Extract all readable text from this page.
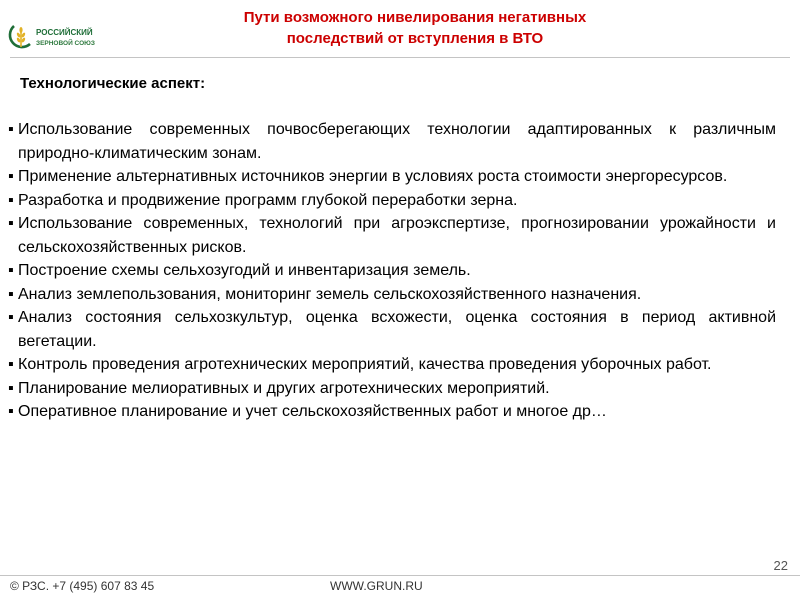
РОССИЙСКИЙ
ЗЕРНОВОЙ СОЮЗ
Пути возможного нивелирования негативных
последствий от вступления в ВТО
Технологические аспект:
▪ Использование современных почвосберегающих технологии адаптированных к различным природно-климатическим зонам.
▪ Применение альтернативных источников энергии в условиях роста стоимости энергоресурсов.
▪ Разработка и продвижение программ глубокой переработки зерна.
▪ Использование современных, технологий при агроэкспертизе, прогнозировании урожайности и сельскохозяйственных рисков.
▪ Построение схемы сельхозугодий и инвентаризация земель.
▪ Анализ землепользования, мониторинг земель сельскохозяйственного назначения.
▪ Анализ состояния сельхозкультур, оценка всхожести, оценка состояния в период активной вегетации.
▪ Контроль проведения агротехнических мероприятий, качества проведения уборочных работ.
▪ Планирование мелиоративных и других агротехнических мероприятий.
▪ Оперативное планирование и учет сельскохозяйственных работ и многое др…
22
© РЗС. +7 (495) 607 83 45	WWW.GRUN.RU
